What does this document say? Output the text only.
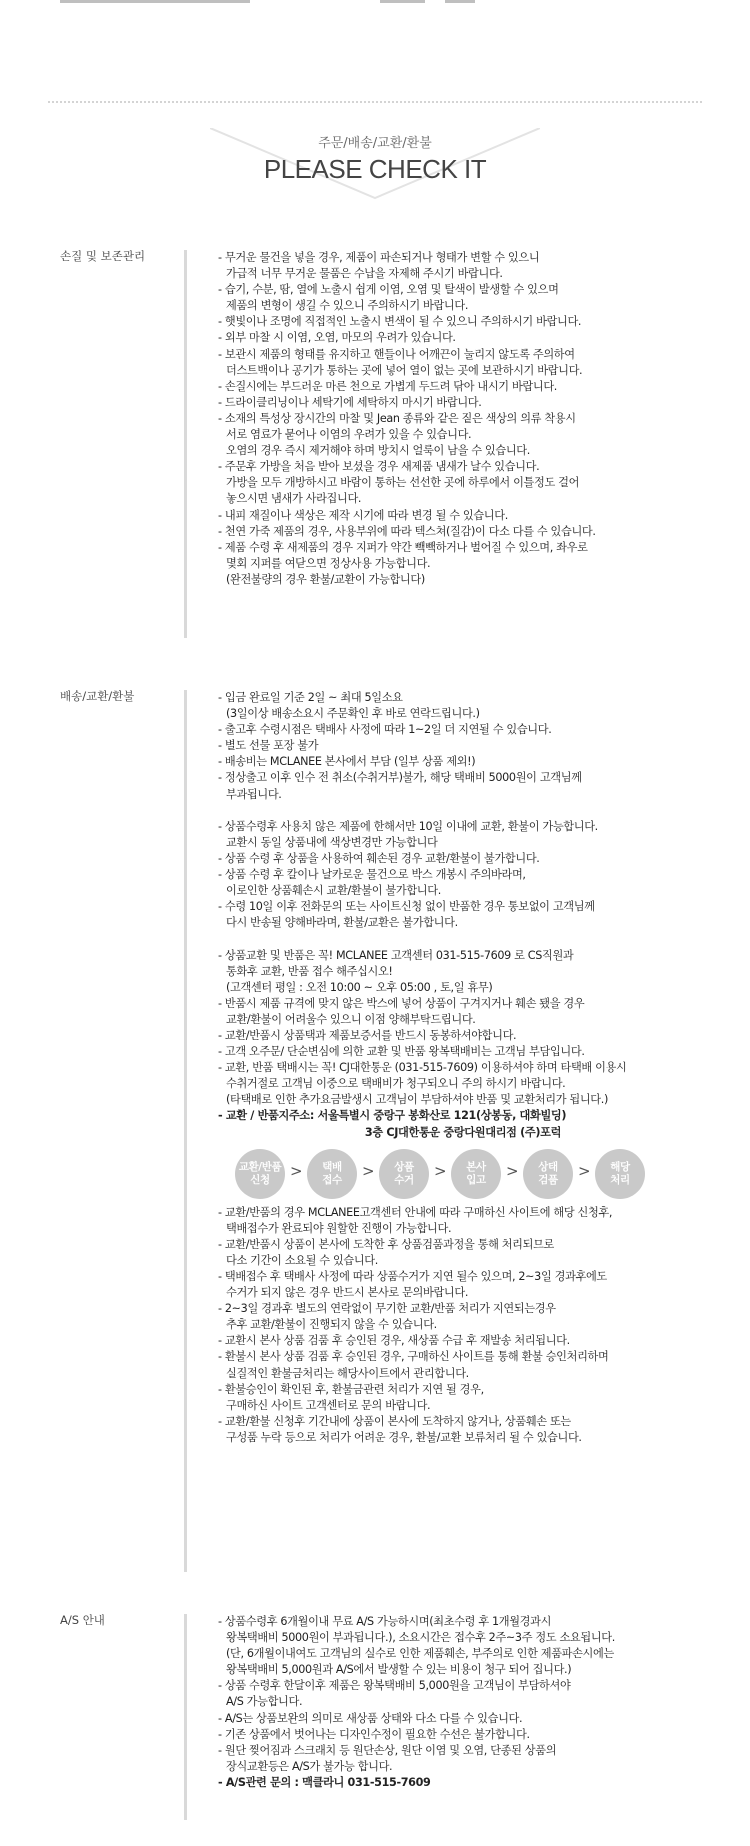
주문/배송/교환/환불
PLEASE CHECK IT
손질 및 보존관리	- 무거운 물건을 넣을 경우, 제품이 파손되거나 형태가 변할 수 있으니
가급적 너무 무거운 물품은 수납을 자제해 주시기 바랍니다.
- 습기, 수분, 땀, 열에 노출시 쉽게 이염, 오염 및 탈색이 발생할 수 있으며
제품의 변형이 생길 수 있으니 주의하시기 바랍니다.
- 햇빛이나 조명에 직접적인 노출시 변색이 될 수 있으니 주의하시기 바랍니다.
- 외부 마찰 시 이염, 오염, 마모의 우려가 있습니다.
- 보관시 제품의 형태를 유지하고 핸들이나 어깨끈이 눌리지 않도록 주의하여
더스트백이나 공기가 통하는 곳에 넣어 열이 없는 곳에 보관하시기 바랍니다.
- 손질시에는 부드러운 마른 천으로 가볍게 두드려 닦아 내시기 바랍니다.
- 드라이클리닝이나 세탁기에 세탁하지 마시기 바랍니다.
- 소재의 특성상 장시간의 마찰 및 Jean 종류와 같은 짙은 색상의 의류 착용시
서로 염료가 묻어나 이염의 우려가 있을 수 있습니다.
오염의 경우 즉시 제거해야 하며 방치시 얼룩이 남을 수 있습니다.
- 주문후 가방을 처음 받아 보셨을 경우 새제품 냄새가 날수 있습니다.
가방을 모두 개방하시고 바람이 통하는 선선한 곳에 하루에서 이틀정도 걸어
놓으시면 냄새가 사라집니다.
- 내피 재질이나 색상은 제작 시기에 따라 변경 될 수 있습니다.
- 천연 가죽 제품의 경우, 사용부위에 따라 텍스쳐(질감)이 다소 다를 수 있습니다.
- 제품 수령 후 새제품의 경우 지퍼가 약간 빽빽하거나 벌어질 수 있으며, 좌우로
몇회 지퍼를 여닫으면 정상사용 가능합니다.
(완전불량의 경우 환불/교환이 가능합니다)
배송/교환/환불	- 입금 완료일 기준 2일 ~ 최대 5일소요
(3일이상 배송소요시 주문확인 후 바로 연락드립니다.)
- 출고후 수령시점은 택배사 사정에 따라 1~2일 더 지연될 수 있습니다.
- 별도 선물 포장 불가
- 배송비는 MCLANEE 본사에서 부담 (일부 상품 제외!)
- 정상출고 이후 인수 전 취소(수취거부)불가, 해당 택배비 5000원이 고객님께
부과됩니다.
- 상품수령후 사용치 않은 제품에 한해서만 10일 이내에 교환, 환불이 가능합니다.
교환시 동일 상품내에 색상변경만 가능합니다
- 상품 수령 후 상품을 사용하여 훼손된 경우 교환/환불이 불가합니다.
- 상품 수령 후 칼이나 날카로운 물건으로 박스 개봉시 주의바라며,
이로인한 상품훼손시 교환/환불이 불가합니다.
- 수령 10일 이후 전화문의 또는 사이트신청 없이 반품한 경우 통보없이 고객님께
다시 반송될 양해바라며, 환불/교환은 불가합니다.
- 상품교환 및 반품은 꼭! MCLANEE 고객센터 031-515-7609 로 CS직원과
통화후 교환, 반품 접수 해주십시오!
(고객센터 평일 : 오전 10:00 ~ 오후 05:00 , 토,일 휴무)
- 반품시 제품 규격에 맞지 않은 박스에 넣어 상품이 구겨지거나 훼손 됐을 경우
교환/환불이 어려울수 있으니 이점 양해부탁드립니다.
- 교환/반품시 상품택과 제품보증서를 반드시 동봉하셔야합니다.
- 고객 오주문/ 단순변심에 의한 교환 및 반품 왕복택배비는 고객님 부담입니다.
- 교환, 반품 택배시는 꼭! CJ대한통운 (031-515-7609) 이용하셔야 하며 타택배 이용시
수취거절로 고객님 이중으로 택배비가 청구되오니 주의 하시기 바랍니다.
(타택배로 인한 추가요금발생시 고객님이 부담하셔야 반품 및 교환처리가 됩니다.)
- 교환 / 반품지주소: 서울특별시 중랑구 봉화산로 121(상봉동, 대화빌딩)
3층 CJ대한통운 중랑다원대리점 (주)포럭
교환/반품
신청	>	택배
접수	>	상품
수거	>	본사
입고	>	상태
검품	>	해당
처리
- 교환/반품의 경우 MCLANEE고객센터 안내에 따라 구매하신 사이트에 해당 신청후,
택배접수가 완료되야 원할한 진행이 가능합니다.
- 교환/반품시 상품이 본사에 도착한 후 상품검품과정을 통해 처리되므로
다소 기간이 소요될 수 있습니다.
- 택배접수 후 택배사 사정에 따라 상품수거가 지연 될수 있으며, 2~3일 경과후에도
수거가 되지 않은 경우 반드시 본사로 문의바랍니다.
- 2~3일 경과후 별도의 연락없이 무기한 교환/반품 처리가 지연되는경우
추후 교환/환불이 진행되지 않을 수 있습니다.
- 교환시 본사 상품 검품 후 승인된 경우, 새상품 수급 후 재발송 처리됩니다.
- 환불시 본사 상품 검품 후 승인된 경우, 구매하신 사이트를 통해 환불 승인처리하며
실질적인 환불금처리는 해당사이트에서 관리합니다.
- 환불승인이 확인된 후, 환불금관련 처리가 지연 될 경우,
구매하신 사이트 고객센터로 문의 바랍니다.
- 교환/환불 신청후 기간내에 상품이 본사에 도착하지 않거나, 상품훼손 또는
구성품 누락 등으로 처리가 어려운 경우, 환불/교환 보류처리 될 수 있습니다.
A/S 안내	- 상품수령후 6개월이내 무료 A/S 가능하시며(최초수령 후 1개월경과시
왕복택배비 5000원이 부과됩니다.), 소요시간은 접수후 2주~3주 정도 소요됩니다.
(단, 6개월이내여도 고객님의 실수로 인한 제품훼손, 부주의로 인한 제품파손시에는
왕복택배비 5,000원과 A/S에서 발생할 수 있는 비용이 청구 되어 집니다.)
- 상품 수령후 한달이후 제품은 왕복택배비 5,000원을 고객님이 부담하셔야
A/S 가능합니다.
- A/S는 상품보완의 의미로 새상품 상태와 다소 다를 수 있습니다.
- 기존 상품에서 벗어나는 디자인수정이 필요한 수선은 불가합니다.
- 원단 찢어짐과 스크래치 등 원단손상, 원단 이염 및 오염, 단종된 상품의
장식교환등은 A/S가 불가능 합니다.
- A/S관련 문의 : 맥클라니 031-515-7609
